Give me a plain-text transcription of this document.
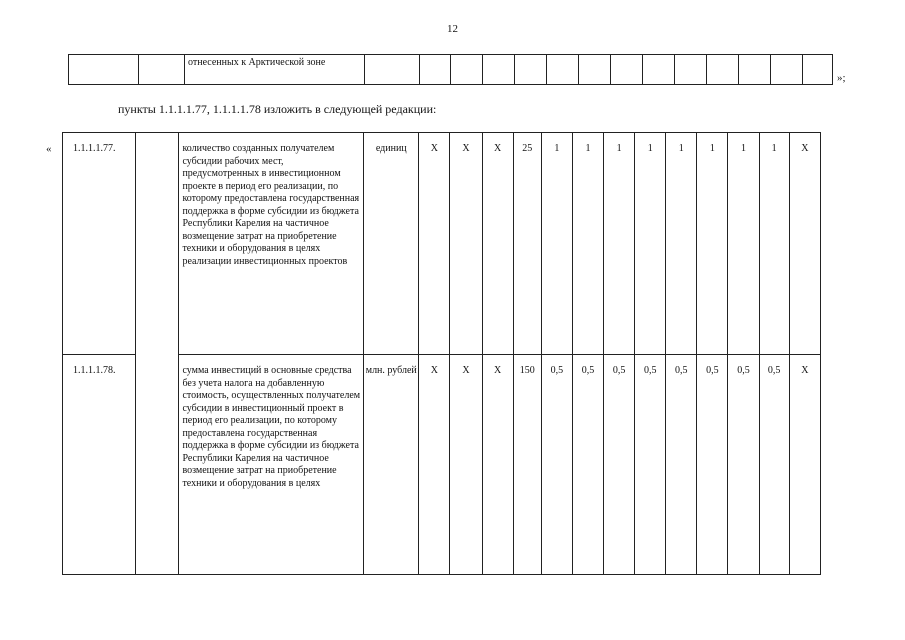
12
		отнесенных к Арктической зоне														
»;
пункты 1.1.1.1.77, 1.1.1.1.78 изложить в следующей редакции:
« 1.1.1.1.77.		количество созданных получателем субсидии рабочих мест, предусмотренных в инвестиционном проекте в период его реализации, по которому предоставлена государственная поддержка в форме субсидии из бюджета Республики Карелия на частичное возмещение затрат на приобретение техники и оборудования в целях реализации инвестиционных проектов	единиц	Х	Х	Х	25	1	1	1	1	1	1	1	1	Х
1.1.1.1.78.		сумма инвестиций в основные средства без учета налога на добавленную стоимость, осуществленных получателем субсидии в инвестиционный проект в период его реализации, по которому предоставлена государственная поддержка в форме субсидии из бюджета Республики Карелия на частичное возмещение затрат на приобретение техники и оборудования в целях	млн. рублей	Х	Х	Х	150	0,5	0,5	0,5	0,5	0,5	0,5	0,5	0,5	Х
